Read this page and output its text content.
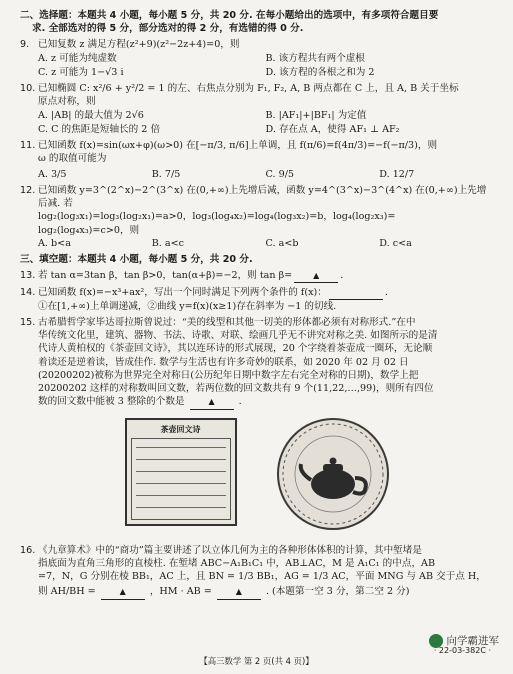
二、选择题：本题共 4 小题，每小题 5 分，共 20 分. 在每小题给出的选项中，有多项符合题目要
求. 全部选对的得 5 分，部分选对的得 2 分，有选错的得 0 分.
9. 已知复数 z 满足方程(z²+9)(z²−2z+4)=0，则
A. z 可能为纯虚数	B. 该方程共有两个虚根
C. z 可能为 1−√3 i	D. 该方程的各根之和为 2
10. 已知椭圆 C: x²/6 + y²/2 = 1 的左、右焦点分别为 F₁, F₂, A, B 两点都在 C 上，且 A, B 关于坐标
原点对称，则
A. |AB| 的最大值为 2√6	B. |AF₁|+|BF₁| 为定值
C. C 的焦距是短轴长的 2 倍	D. 存在点 A，使得 AF₁ ⊥ AF₂
11. 已知函数 f(x)=sin(ωx+φ)(ω>0) 在[−π/3, π/6]上单调，且 f(π/6)=f(4π/3)=−f(−π/3)，则
ω 的取值可能为
A. 3/5	B. 7/5	C. 9/5	D. 12/7
12. 已知函数 y=3^(2^x)−2^(3^x) 在(0,+∞)上先增后减，函数 y=4^(3^x)−3^(4^x) 在(0,+∞)上先增后减. 若
log₂(log₃x₁)=log₃(log₂x₁)=a>0，log₃(log₄x₂)=log₄(log₃x₂)=b，log₄(log₂x₃)=
log₂(log₄x₃)=c>0，则
A. b<a	B. a<c	C. a<b	D. c<a
三、填空题：本题共 4 小题，每小题 5 分，共 20 分.
13. 若 tan α=3tan β，tan β>0，tan(α+β)=−2，则 tan β=	▲	.
14. 已知函数 f(x)=−x³+ax²，写出一个同时满足下列两个条件的 f(x)：	.
①在[1,+∞)上单调递减，②曲线 y=f(x)(x≥1)存在斜率为 −1 的切线.
15. 古希腊哲学家毕达哥拉斯曾说过：“美的线型和其他一切美的形体都必须有对称形式.”在中
华传统文化里，建筑、器物、书法、诗歌、对联、绘画几乎无不讲究对称之美. 如图所示的是清
代诗人黄柏权的《茶壶回文诗》，其以连环诗的形式展现，20 个字绕着茶壶成一圈环，无论顺
着读还是逆着读，皆成佳作. 数学与生活也有许多奇妙的联系，如 2020 年 02 月 02 日
(20200202)被称为世界完全对称日(公历纪年日期中数字左右完全对称的日期)，数学上把
20200202 这样的对称数叫回文数，若两位数的回文数共有 9 个(11,22,…,99)，则所有四位
数的回文数中能被 3 整除的个数是	▲ .
茶壶回文诗
16. 《九章算术》中的“商功”篇主要讲述了以立体几何为主的各种形体体积的计算，其中堑堵是
指底面为直角三角形的直棱柱. 在堑堵 ABC−A₁B₁C₁ 中，AB⊥AC，M 是 A₁C₁ 的中点，AB
=7，N，G 分别在棱 BB₁，AC 上，且 BN = 1/3 BB₁，AG = 1/3 AC，平面 MNG 与 AB 交于点 H，
则 AH/BH =	▲ ，HM · AB =	▲ . (本题第一空 3 分，第二空 2 分)
向学霸进军
· 22-03-382C ·
【高三数学 第 2 页(共 4 页)】
